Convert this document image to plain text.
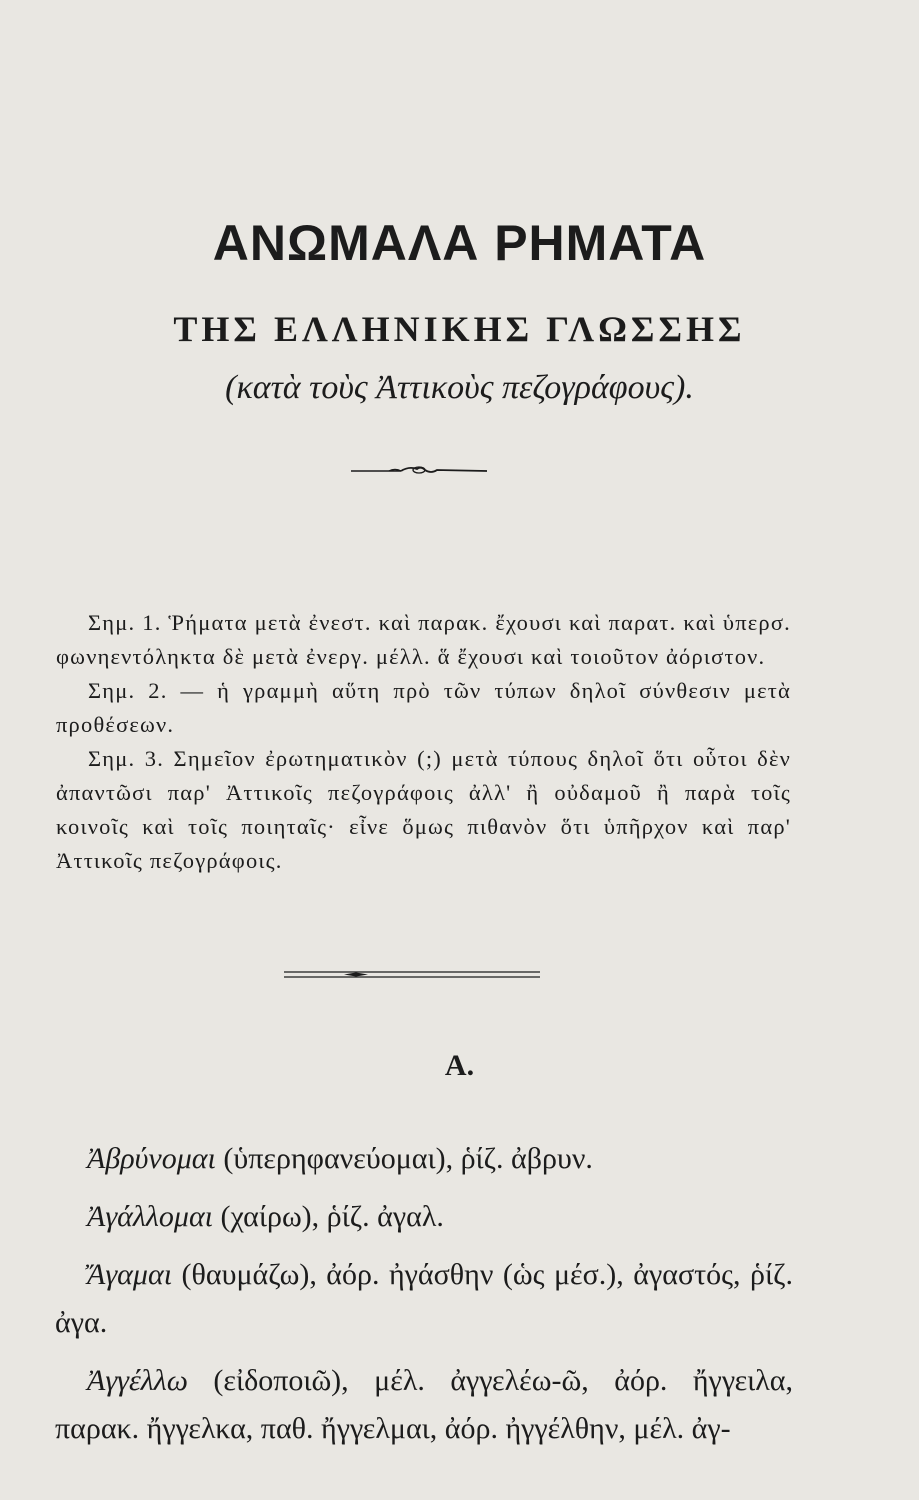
ΑΝΩΜΑΛΑ ΡΗΜΑΤΑ
ΤΗΣ ΕΛΛΗΝΙΚΗΣ ΓΛΩΣΣΗΣ

(κατὰ τοὺς Ἀττικοὺς πεζογράφους).

Σημ. 1. Ῥήματα μετὰ ἐνεστ. καὶ παρακ. ἔχουσι καὶ παρατ. καὶ ὑπερσ. φωνηεντόληκτα δὲ μετὰ ἐνεργ. μέλλ. ἅ ἔχουσι καὶ τοιοῦτον ἀόριστον.

Σημ. 2. — ἡ γραμμὴ αὕτη πρὸ τῶν τύπων δηλοῖ σύνθεσιν μετὰ προθέσεων.

Σημ. 3. Σημεῖον ἐρωτηματικὸν (;) μετὰ τύπους δηλοῖ ὅτι οὗτοι δὲν ἀπαντῶσι παρ' Ἀττικοῖς πεζογράφοις ἀλλ' ἢ οὐδαμοῦ ἢ παρὰ τοῖς κοινοῖς καὶ τοῖς ποιηταῖς· εἶνε ὅμως πιθανὸν ὅτι ὑπῆρχον καὶ παρ' Ἀττικοῖς πεζογράφοις.

Α.

Ἀβρύνομαι (ὑπερηφανεύομαι), ῥίζ. ἀβρυν.

Ἀγάλλομαι (χαίρω), ῥίζ. ἀγαλ.

Ἄγαμαι (θαυμάζω), ἀόρ. ἠγάσθην (ὡς μέσ.), ἀγαστός, ῥίζ. ἀγα.

Ἀγγέλλω (εἰδοποιῶ), μέλ. ἀγγελέω-ῶ, ἀόρ. ἤγγειλα, παρακ. ἤγγελκα, παθ. ἤγγελμαι, ἀόρ. ἠγγέλθην, μέλ. ἀγ-
